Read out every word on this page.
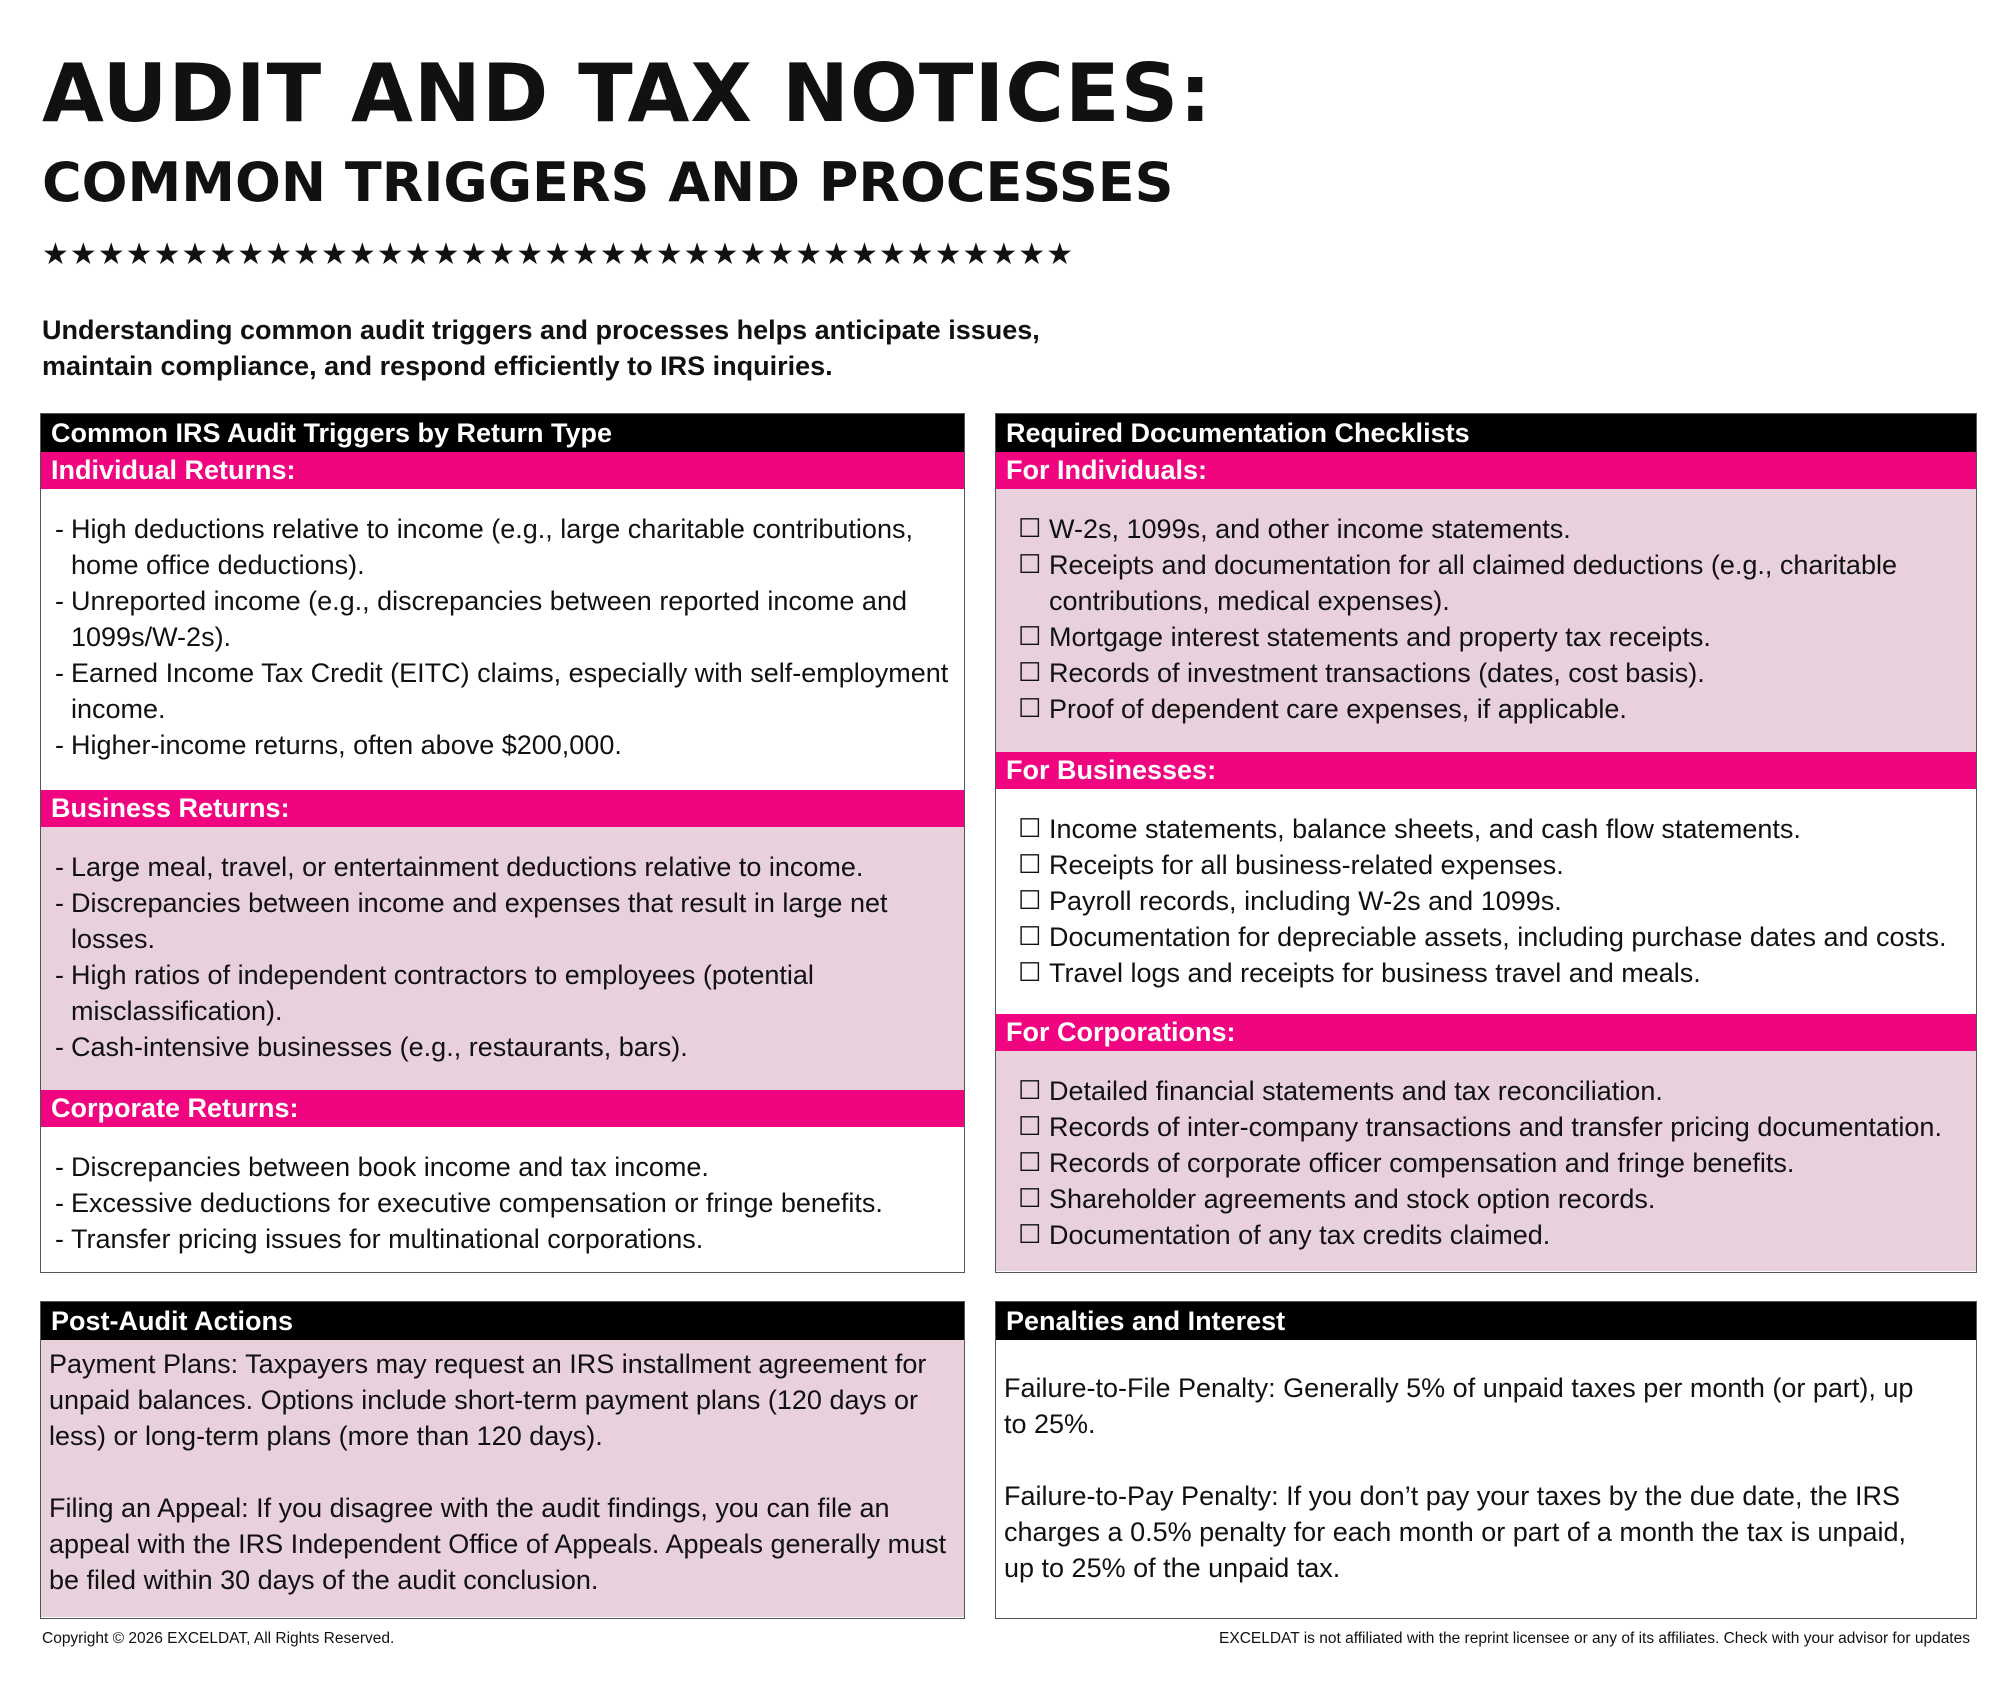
AUDIT AND TAX NOTICES:
COMMON TRIGGERS AND PROCESSES
★★★★★★★★★★★★★★★★★★★★★★★★★★★★★★★★★★★★★
Understanding common audit triggers and processes helps anticipate issues, maintain compliance, and respond efficiently to IRS inquiries.
Common IRS Audit Triggers by Return Type
Individual Returns:
- High deductions relative to income (e.g., large charitable contributions, home office deductions).
- Unreported income (e.g., discrepancies between reported income and 1099s/W-2s).
- Earned Income Tax Credit (EITC) claims, especially with self-employment income.
- Higher-income returns, often above $200,000.
Business Returns:
- Large meal, travel, or entertainment deductions relative to income.
- Discrepancies between income and expenses that result in large net losses.
- High ratios of independent contractors to employees (potential misclassification).
- Cash-intensive businesses (e.g., restaurants, bars).
Corporate Returns:
- Discrepancies between book income and tax income.
- Excessive deductions for executive compensation or fringe benefits.
- Transfer pricing issues for multinational corporations.
Required Documentation Checklists
For Individuals:
☐ W-2s, 1099s, and other income statements.
☐ Receipts and documentation for all claimed deductions (e.g., charitable contributions, medical expenses).
☐ Mortgage interest statements and property tax receipts.
☐ Records of investment transactions (dates, cost basis).
☐ Proof of dependent care expenses, if applicable.
For Businesses:
☐ Income statements, balance sheets, and cash flow statements.
☐ Receipts for all business-related expenses.
☐ Payroll records, including W-2s and 1099s.
☐ Documentation for depreciable assets, including purchase dates and costs.
☐ Travel logs and receipts for business travel and meals.
For Corporations:
☐ Detailed financial statements and tax reconciliation.
☐ Records of inter-company transactions and transfer pricing documentation.
☐ Records of corporate officer compensation and fringe benefits.
☐ Shareholder agreements and stock option records.
☐ Documentation of any tax credits claimed.
Post-Audit Actions

Payment Plans: Taxpayers may request an IRS installment agreement for unpaid balances. Options include short-term payment plans (120 days or less) or long-term plans (more than 120 days).

Filing an Appeal: If you disagree with the audit findings, you can file an appeal with the IRS Independent Office of Appeals. Appeals generally must be filed within 30 days of the audit conclusion.

Penalties and Interest

Failure-to-File Penalty: Generally 5% of unpaid taxes per month (or part), up to 25%.

Failure-to-Pay Penalty: If you don’t pay your taxes by the due date, the IRS charges a 0.5% penalty for each month or part of a month the tax is unpaid, up to 25% of the unpaid tax.

Copyright © 2026 EXCELDAT, All Rights Reserved.	EXCELDAT is not affiliated with the reprint licensee or any of its affiliates. Check with your advisor for updates
